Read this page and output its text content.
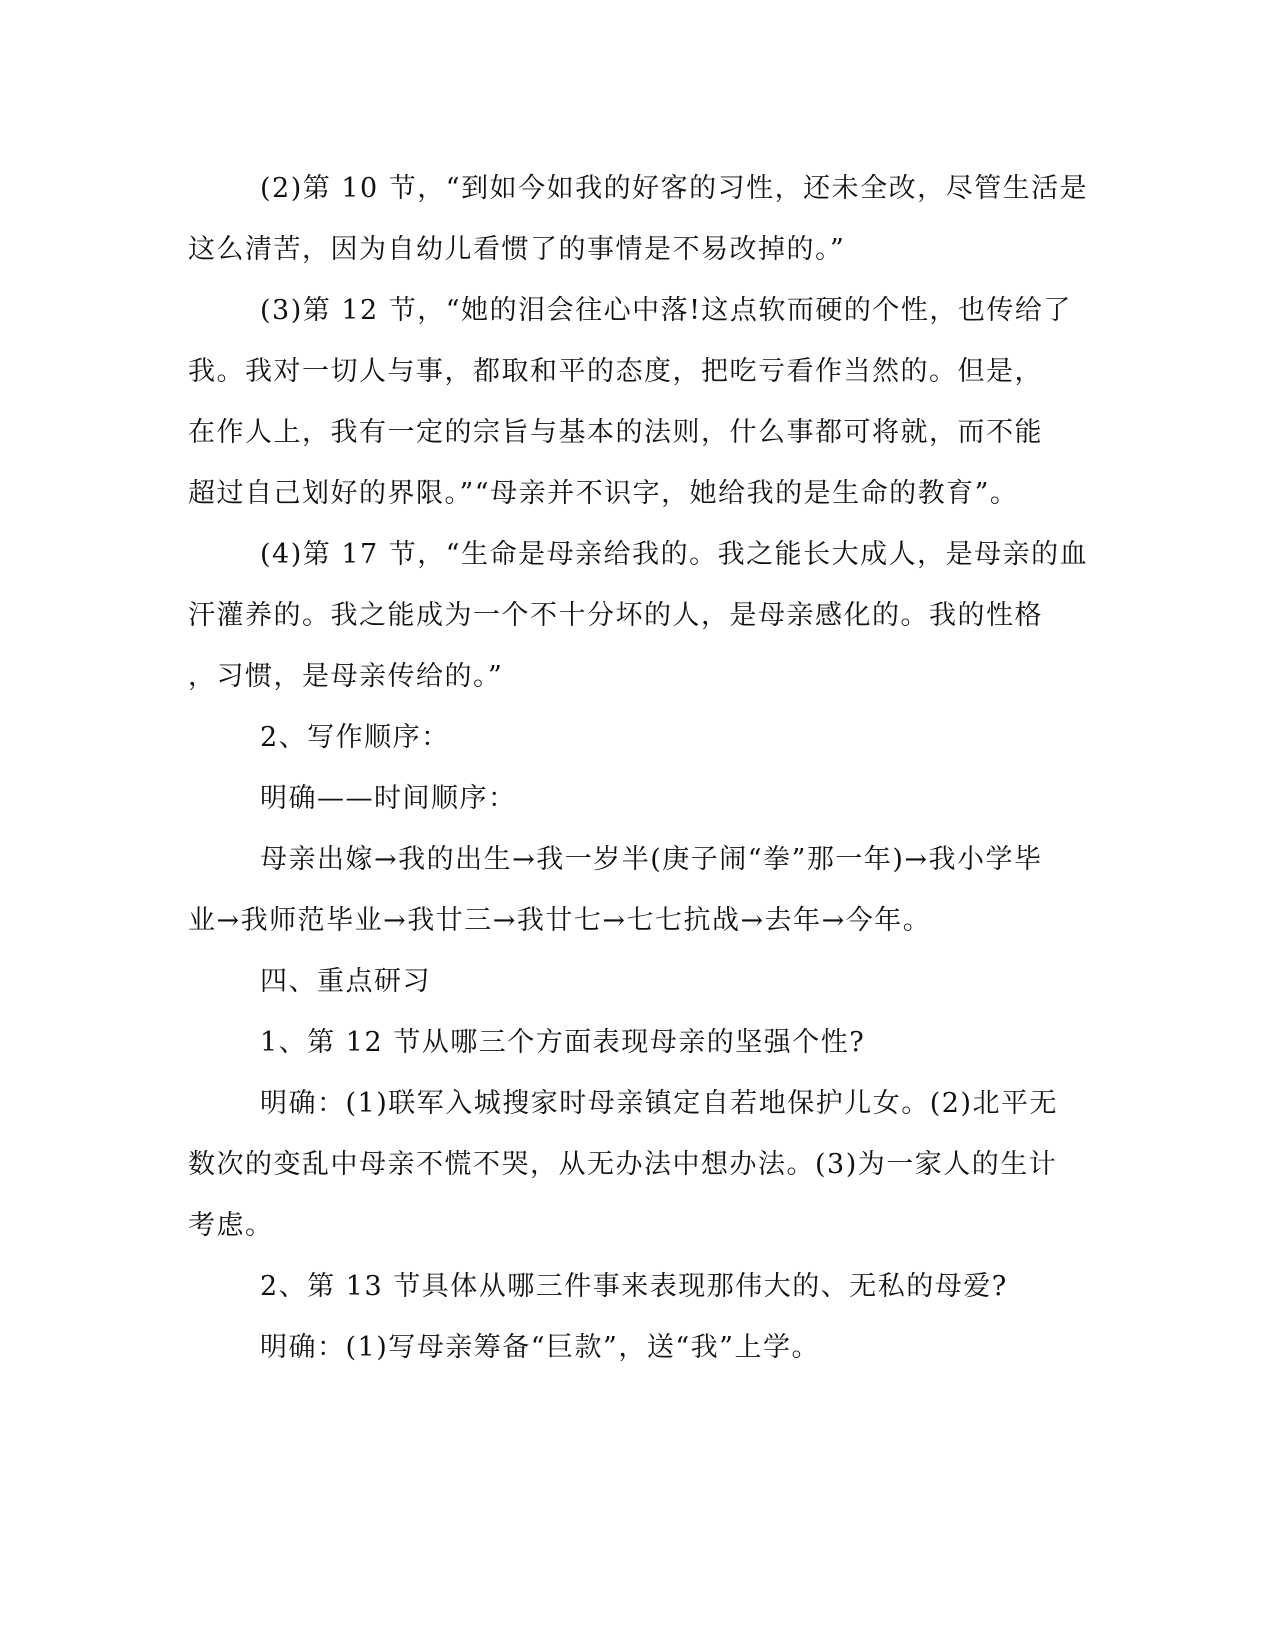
(2)第 10 节，“到如今如我的好客的习性，还未全改，尽管生活是
这么清苦，因为自幼儿看惯了的事情是不易改掉的。”

(3)第 12 节，“她的泪会往心中落!这点软而硬的个性，也传给了
我。我对一切人与事，都取和平的态度，把吃亏看作当然的。但是，
在作人上，我有一定的宗旨与基本的法则，什么事都可将就，而不能
超过自己划好的界限。”“母亲并不识字，她给我的是生命的教育”。

(4)第 17 节，“生命是母亲给我的。我之能长大成人，是母亲的血
汗灌养的。我之能成为一个不十分坏的人，是母亲感化的。我的性格
，习惯，是母亲传给的。”

2、写作顺序：

明确——时间顺序：

母亲出嫁→我的出生→我一岁半(庚子闹“拳”那一年)→我小学毕
业→我师范毕业→我廿三→我廿七→七七抗战→去年→今年。

四、重点研习

1、第 12 节从哪三个方面表现母亲的坚强个性?

明确：(1)联军入城搜家时母亲镇定自若地保护儿女。(2)北平无
数次的变乱中母亲不慌不哭，从无办法中想办法。(3)为一家人的生计
考虑。

2、第 13 节具体从哪三件事来表现那伟大的、无私的母爱?

明确：(1)写母亲筹备“巨款”，送“我”上学。
